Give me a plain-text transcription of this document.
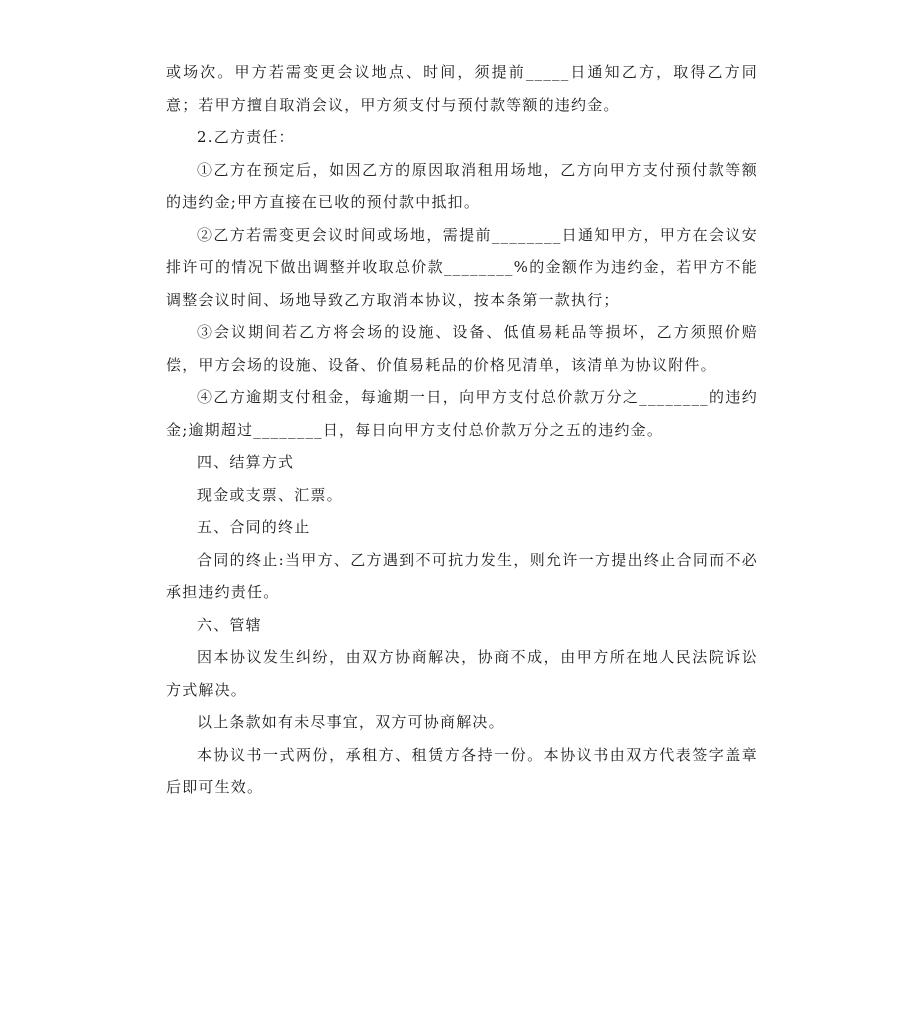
或场次。甲方若需变更会议地点、时间，须提前_____日通知乙方，取得乙方同意；若甲方擅自取消会议，甲方须支付与预付款等额的违约金。

2.乙方责任：

①乙方在预定后，如因乙方的原因取消租用场地，乙方向甲方支付预付款等额的违约金;甲方直接在已收的预付款中抵扣。

②乙方若需变更会议时间或场地，需提前________日通知甲方，甲方在会议安排许可的情况下做出调整并收取总价款________%的金额作为违约金，若甲方不能调整会议时间、场地导致乙方取消本协议，按本条第一款执行；

③会议期间若乙方将会场的设施、设备、低值易耗品等损坏，乙方须照价赔偿，甲方会场的设施、设备、价值易耗品的价格见清单，该清单为协议附件。

④乙方逾期支付租金，每逾期一日，向甲方支付总价款万分之________的违约金;逾期超过________日，每日向甲方支付总价款万分之五的违约金。

四、结算方式

现金或支票、汇票。

五、合同的终止

合同的终止:当甲方、乙方遇到不可抗力发生，则允许一方提出终止合同而不必承担违约责任。

六、管辖

因本协议发生纠纷，由双方协商解决，协商不成，由甲方所在地人民法院诉讼方式解决。

以上条款如有未尽事宜，双方可协商解决。

本协议书一式两份，承租方、租赁方各持一份。本协议书由双方代表签字盖章后即可生效。
